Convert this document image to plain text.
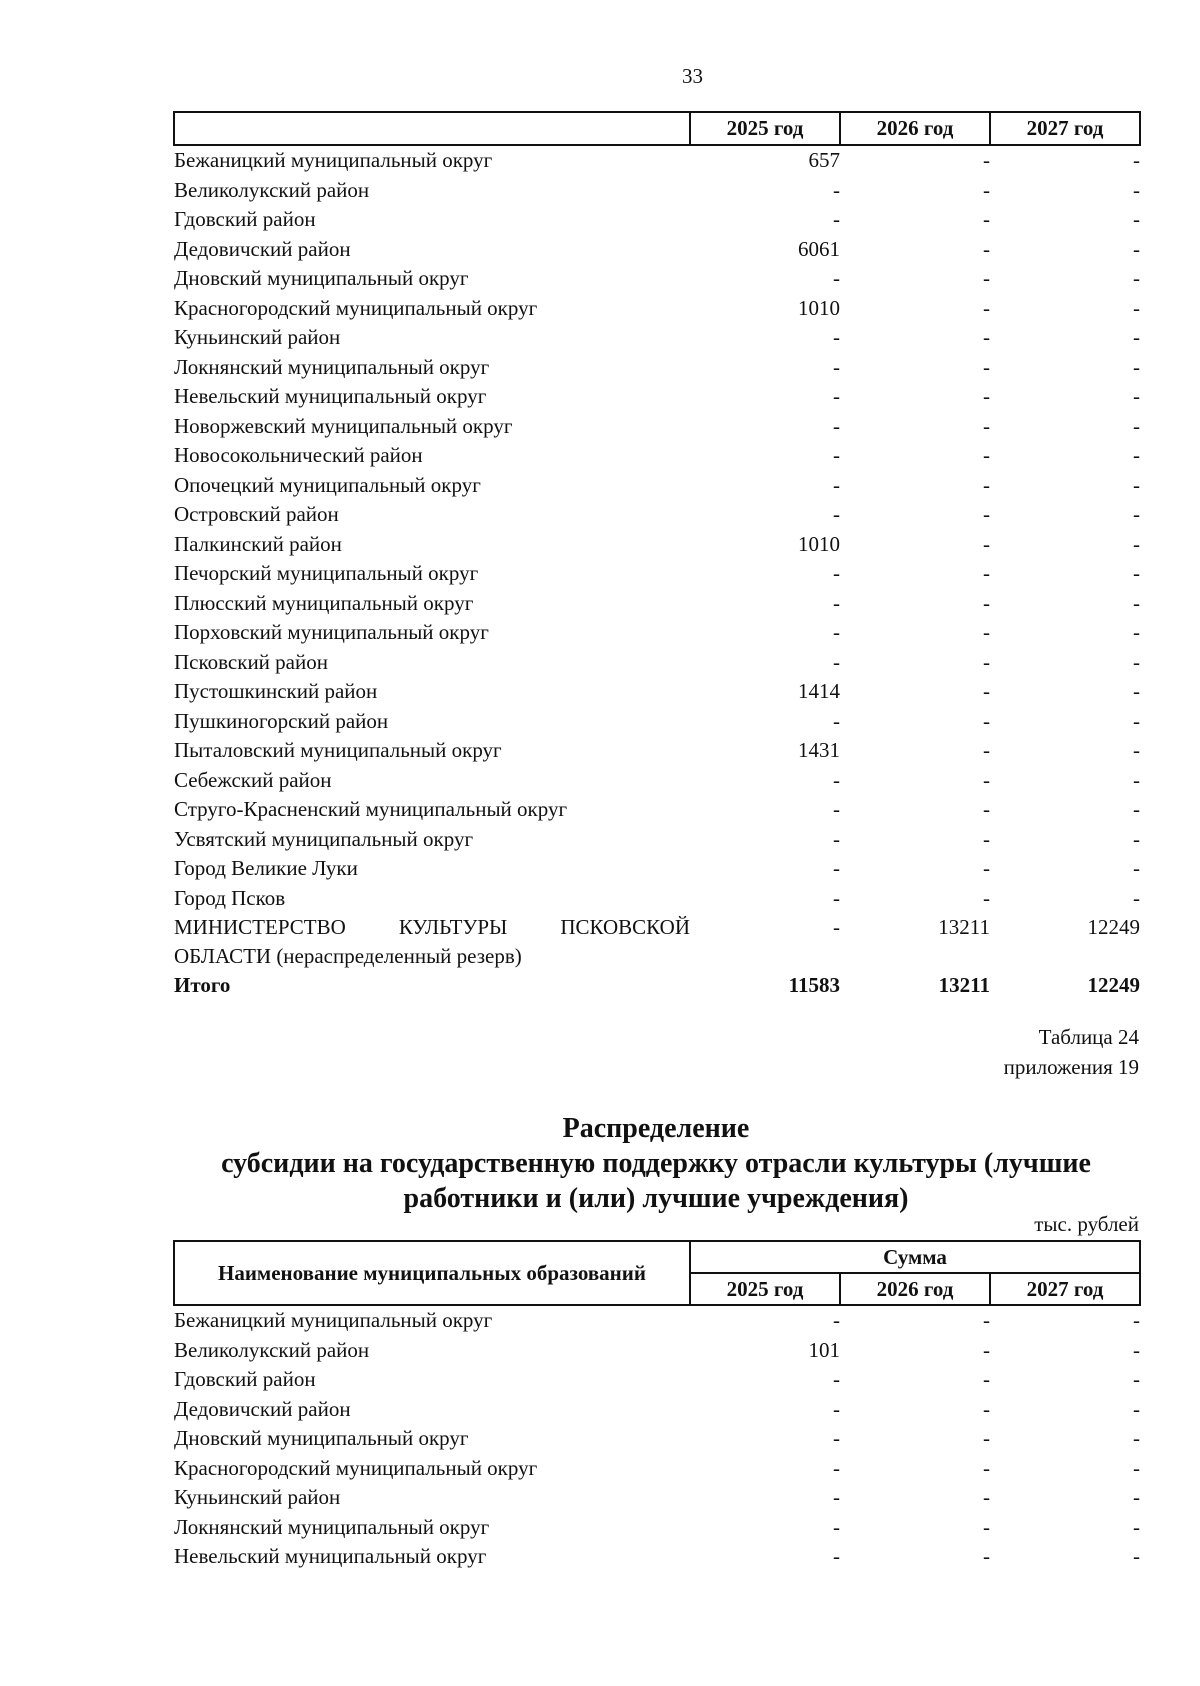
33
	2025 год	2026 год	2027 год
Бежаницкий муниципальный округ	657	-	-
Великолукский район	-	-	-
Гдовский район	-	-	-
Дедовичский район	6061	-	-
Дновский муниципальный округ	-	-	-
Красногородский муниципальный округ	1010	-	-
Куньинский район	-	-	-
Локнянский муниципальный округ	-	-	-
Невельский муниципальный округ	-	-	-
Новоржевский муниципальный округ	-	-	-
Новосокольнический район	-	-	-
Опочецкий муниципальный округ	-	-	-
Островский район	-	-	-
Палкинский район	1010	-	-
Печорский муниципальный округ	-	-	-
Плюсский муниципальный округ	-	-	-
Порховский муниципальный округ	-	-	-
Псковский район	-	-	-
Пустошкинский район	1414	-	-
Пушкиногорский район	-	-	-
Пыталовский муниципальный округ	1431	-	-
Себежский район	-	-	-
Струго-Красненский муниципальный округ	-	-	-
Усвятский муниципальный округ	-	-	-
Город Великие Луки	-	-	-
Город Псков	-	-	-
МИНИСТЕРСТВО КУЛЬТУРЫ ПСКОВСКОЙ
ОБЛАСТИ (нераспределенный резерв)	-	13211	12249
Итого	11583	13211	12249
Таблица 24
приложения 19
Распределение
субсидии на государственную поддержку отрасли культуры (лучшие
работники и (или) лучшие учреждения)
тыс. рублей
Наименование муниципальных образований	Сумма		
	2025 год	2026 год	2027 год
Бежаницкий муниципальный округ	-	-	-
Великолукский район	101	-	-
Гдовский район	-	-	-
Дедовичский район	-	-	-
Дновский муниципальный округ	-	-	-
Красногородский муниципальный округ	-	-	-
Куньинский район	-	-	-
Локнянский муниципальный округ	-	-	-
Невельский муниципальный округ	-	-	-
